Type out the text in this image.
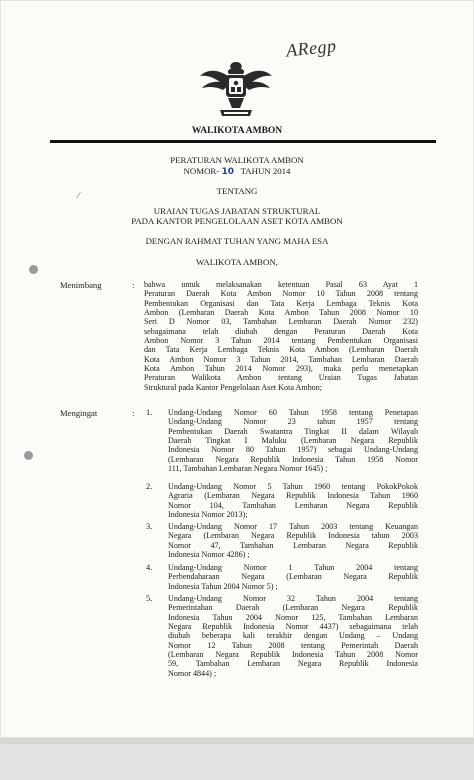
ARegp
WALIKOTA AMBON
PERATURAN WALIKOTA AMBON
NOMOR- 10 TAHUN 2014
TENTANG
⁄
URAIAN TUGAS JABATAN STRUKTURAL
PADA KANTOR PENGELOLAAN ASET KOTA AMBON
DENGAN RAHMAT TUHAN YANG MAHA ESA
WALIKOTA AMBON,
Menimbang	: bahwa untuk melaksanakan ketentuan Pasal 63 Ayat 1
Peraturan Daerah Kota Ambon Nomor 10 Tahun 2008 tentang
Pembentukan Organisasi dan Tata Kerja Lembaga Teknis Kota
Ambon (Lembaran Daerah Kota Ambon Tahun 2008 Nomor 10
Seri D Nomor 03, Tambahan Lembaran Daerah Nomor 232)
sebagaimana telah diubah dengan Peraturan Daerah Kota
Ambon Nomor 3 Tahun 2014 tentang Pembentukan Organisasi
dan Tata Kerja Lembaga Teknis Kota Ambon (Lembaran Daerah
Kota Ambon Nomor 3 Tahun 2014, Tambahan Lembaran Daerah
Kota Ambon Tahun 2014 Nomor 293), maka perlu menetapkan
Peraturan Walikota Ambon tentang Uraian Tugas Jabatan
Struktural pada Kantor Pengelolaan Aset Kota Ambon;
Mengingat	: 1. Undang-Undang Nomor 60 Tahun 1958 tentang Penetapan
Undang-Undang Nomor 23 tahun 1957 tentang
Pembentukan Daerah Swatantra Tingkat II dalam Wilayah
Daerah Tingkat I Maluku (Lembaran Negara Republik
Indonesia Nomor 80 Tahun 1957) sebagai Undang-Undang
(Lembaran Negara Republik Indonesia Tahun 1958 Nomor
111, Tambahan Lembaran Negara Nomor 1645) ;
2. Undang-Undang Nomor 5 Tahun 1960 tentang PokokPokok
Agraria (Lembaran Negara Republik Indonesia Tahun 1960
Nomor 104, Tambahan Lembaran Negara Republik
Indonesia Nomor 2013);
3. Undang-Undang Nomor 17 Tahun 2003 tentang Keuangan
Negara (Lembaran Negara Republik Indonesia tahun 2003
Nomor 47, Tambahan Lembaran Negara Republik
Indonesia Nomor 4286) ;
4. Undang-Undang Nomor 1 Tahun 2004 tentang
Perbendaharaan Negara (Lembaran Negara Republik
Indonesia Tahun 2004 Nomor 5) ;
5. Undang-Undang Nomor 32 Tahun 2004 tentang
Pemerintahan Daerah (Lembaran Negara Republik
Indonesia Tahun 2004 Nomor 125, Tambahan Lembaran
Negara Republik Indonesia Nomor 4437) sebagaimana telah
diubah beberapa kali terakhir dengan Undang – Undang
Nomor 12 Tahun 2008 tentang Pemerintah Daerah
(Lembaran Negara Republik Indonesia Tahun 2008 Nomor
59, Tambahan Lembaran Negara Republik Indonesia
Nomor 4844) ;
